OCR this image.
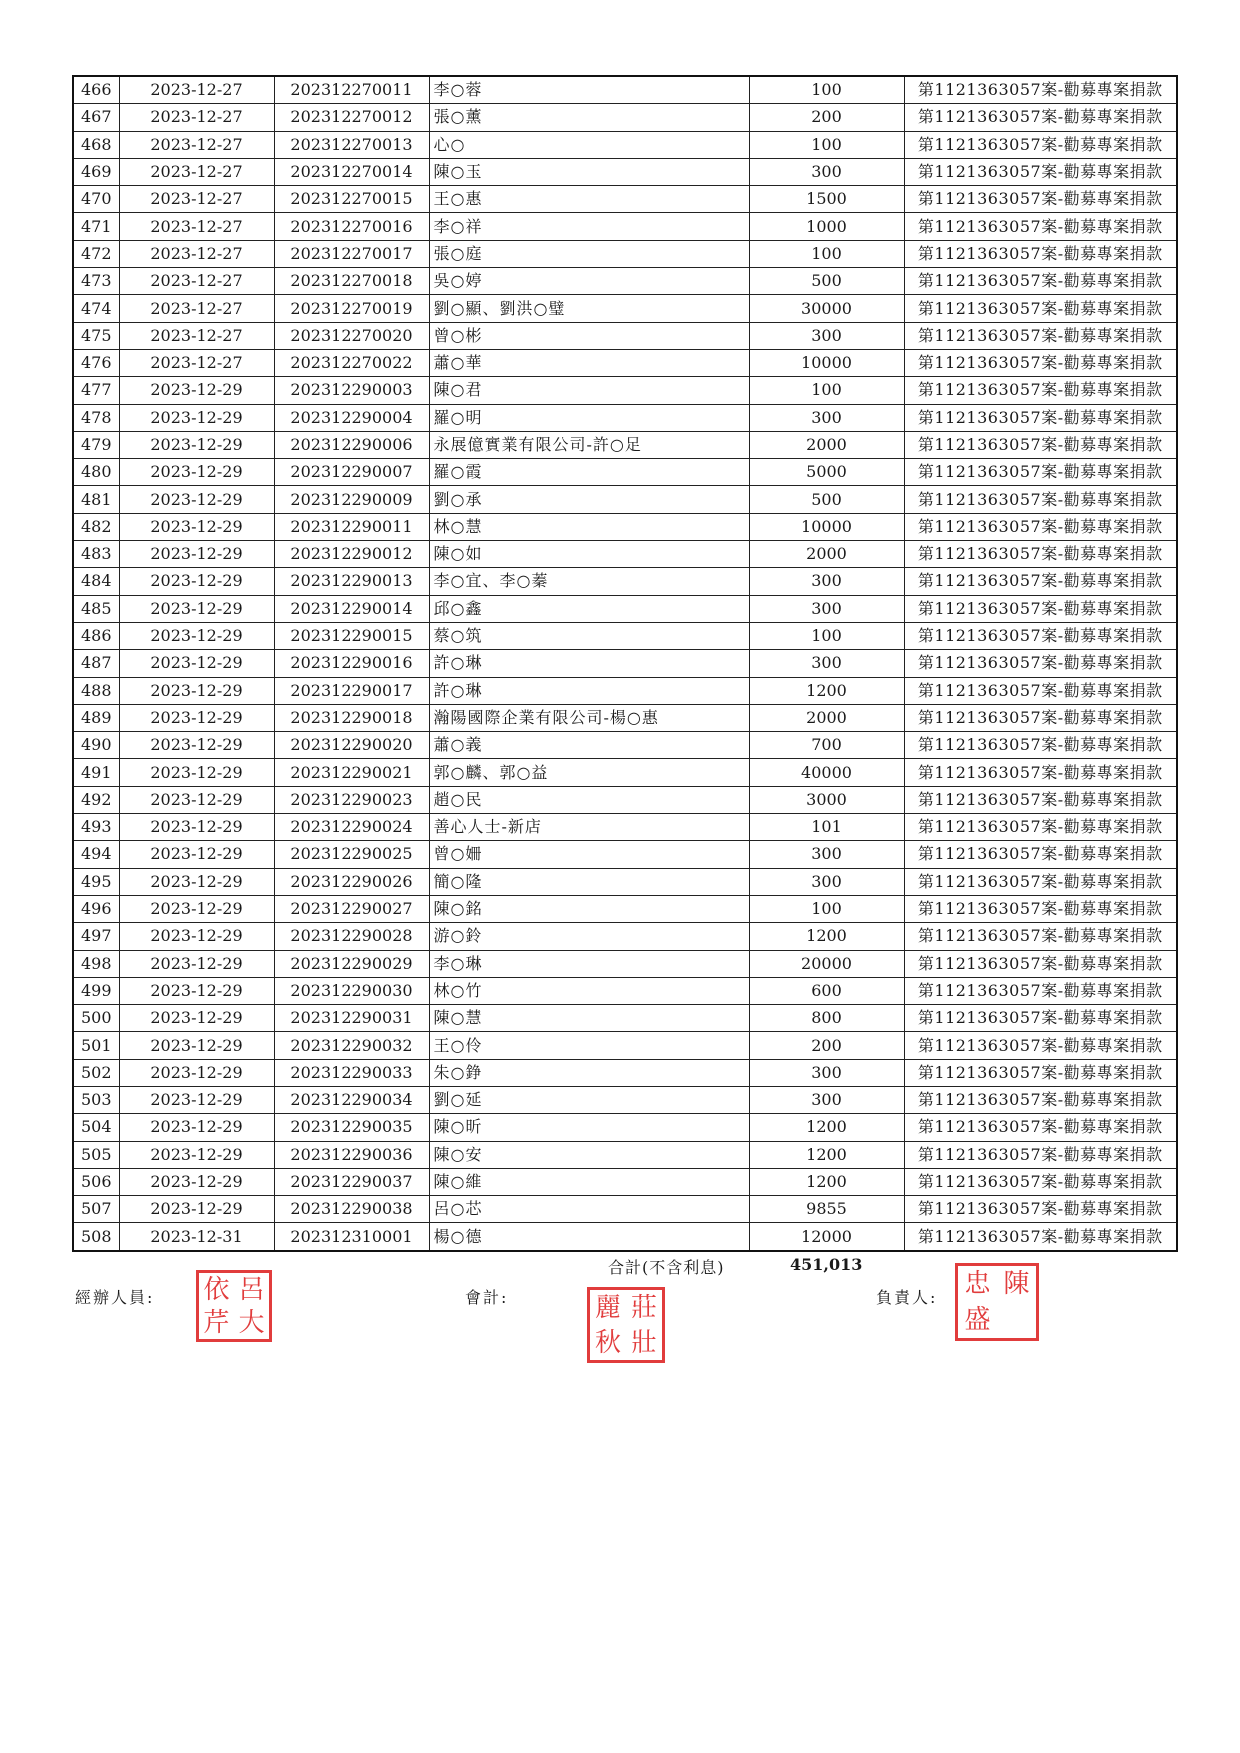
466	2023-12-27	202312270011	李○蓉	100	第1121363057案-勸募專案捐款
467	2023-12-27	202312270012	張○薰	200	第1121363057案-勸募專案捐款
468	2023-12-27	202312270013	心○	100	第1121363057案-勸募專案捐款
469	2023-12-27	202312270014	陳○玉	300	第1121363057案-勸募專案捐款
470	2023-12-27	202312270015	王○惠	1500	第1121363057案-勸募專案捐款
471	2023-12-27	202312270016	李○祥	1000	第1121363057案-勸募專案捐款
472	2023-12-27	202312270017	張○庭	100	第1121363057案-勸募專案捐款
473	2023-12-27	202312270018	吳○婷	500	第1121363057案-勸募專案捐款
474	2023-12-27	202312270019	劉○顯、劉洪○璧	30000	第1121363057案-勸募專案捐款
475	2023-12-27	202312270020	曾○彬	300	第1121363057案-勸募專案捐款
476	2023-12-27	202312270022	蕭○華	10000	第1121363057案-勸募專案捐款
477	2023-12-29	202312290003	陳○君	100	第1121363057案-勸募專案捐款
478	2023-12-29	202312290004	羅○明	300	第1121363057案-勸募專案捐款
479	2023-12-29	202312290006	永展億實業有限公司-許○足	2000	第1121363057案-勸募專案捐款
480	2023-12-29	202312290007	羅○霞	5000	第1121363057案-勸募專案捐款
481	2023-12-29	202312290009	劉○承	500	第1121363057案-勸募專案捐款
482	2023-12-29	202312290011	林○慧	10000	第1121363057案-勸募專案捐款
483	2023-12-29	202312290012	陳○如	2000	第1121363057案-勸募專案捐款
484	2023-12-29	202312290013	李○宜、李○蓁	300	第1121363057案-勸募專案捐款
485	2023-12-29	202312290014	邱○鑫	300	第1121363057案-勸募專案捐款
486	2023-12-29	202312290015	蔡○筑	100	第1121363057案-勸募專案捐款
487	2023-12-29	202312290016	許○琳	300	第1121363057案-勸募專案捐款
488	2023-12-29	202312290017	許○琳	1200	第1121363057案-勸募專案捐款
489	2023-12-29	202312290018	瀚陽國際企業有限公司-楊○惠	2000	第1121363057案-勸募專案捐款
490	2023-12-29	202312290020	蕭○義	700	第1121363057案-勸募專案捐款
491	2023-12-29	202312290021	郭○麟、郭○益	40000	第1121363057案-勸募專案捐款
492	2023-12-29	202312290023	趙○民	3000	第1121363057案-勸募專案捐款
493	2023-12-29	202312290024	善心人士-新店	101	第1121363057案-勸募專案捐款
494	2023-12-29	202312290025	曾○姍	300	第1121363057案-勸募專案捐款
495	2023-12-29	202312290026	簡○隆	300	第1121363057案-勸募專案捐款
496	2023-12-29	202312290027	陳○銘	100	第1121363057案-勸募專案捐款
497	2023-12-29	202312290028	游○鈴	1200	第1121363057案-勸募專案捐款
498	2023-12-29	202312290029	李○琳	20000	第1121363057案-勸募專案捐款
499	2023-12-29	202312290030	林○竹	600	第1121363057案-勸募專案捐款
500	2023-12-29	202312290031	陳○慧	800	第1121363057案-勸募專案捐款
501	2023-12-29	202312290032	王○伶	200	第1121363057案-勸募專案捐款
502	2023-12-29	202312290033	朱○錚	300	第1121363057案-勸募專案捐款
503	2023-12-29	202312290034	劉○延	300	第1121363057案-勸募專案捐款
504	2023-12-29	202312290035	陳○昕	1200	第1121363057案-勸募專案捐款
505	2023-12-29	202312290036	陳○安	1200	第1121363057案-勸募專案捐款
506	2023-12-29	202312290037	陳○維	1200	第1121363057案-勸募專案捐款
507	2023-12-29	202312290038	呂○芯	9855	第1121363057案-勸募專案捐款
508	2023-12-31	202312310001	楊○德	12000	第1121363057案-勸募專案捐款
合計(不含利息)	451,013
經辦人員:	會計:	負責人:
依 呂
芹 大	麗 莊
秋 壯
忠 陳
盛
